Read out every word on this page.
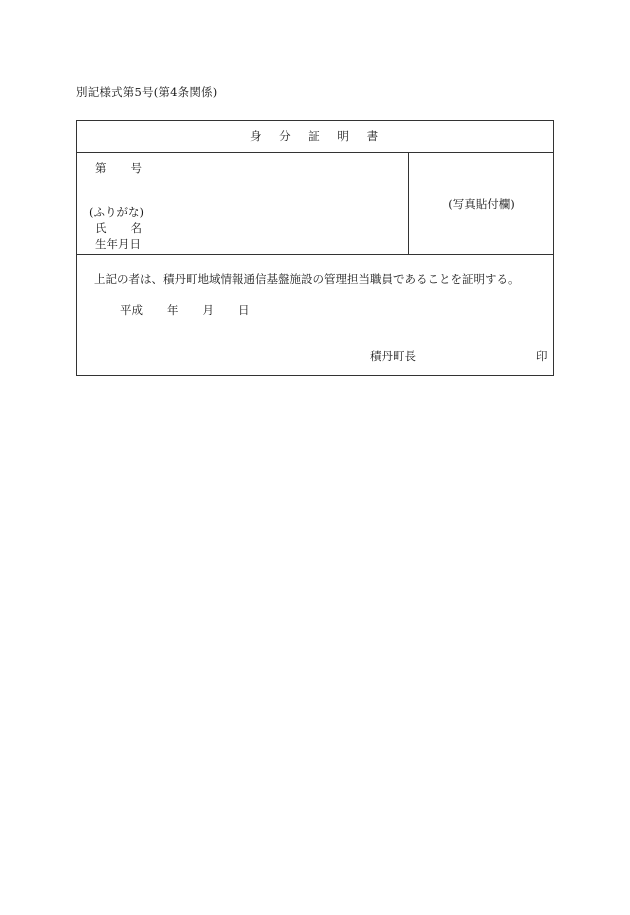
別記様式第5号(第4条関係)
身 分 証 明 書
第 号
(ふりがな)
氏 名
生年月日
(写真貼付欄)
上記の者は、積丹町地域情報通信基盤施設の管理担当職員であることを証明する。
平成 年 月 日
積丹町長	印
